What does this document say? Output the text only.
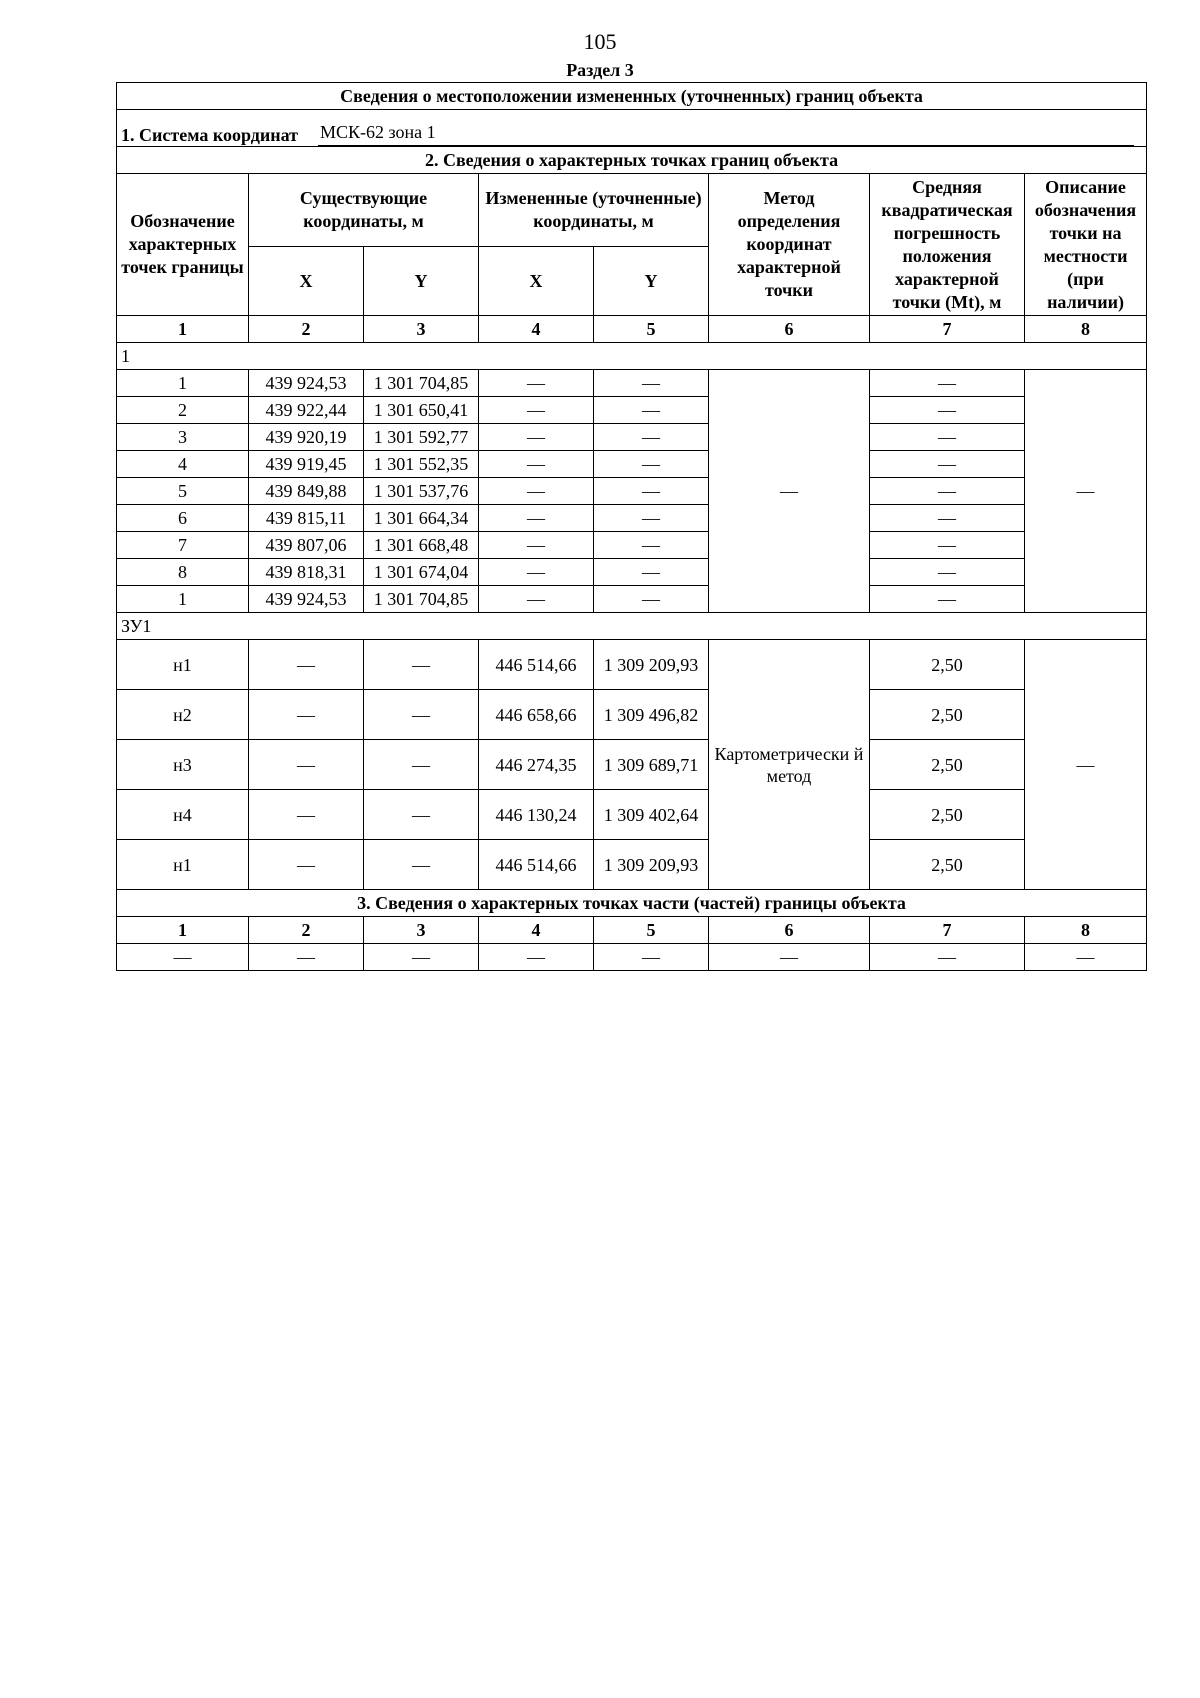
105
Раздел 3
Сведения о местоположении измененных (уточненных) границ объекта							

1. Система координат МСК-62 зона 1							

2. Сведения о характерных точках границ объекта							
Обозначение характерных точек границы	Существующие координаты, м		Измененные (уточненные) координаты, м		Метод определения координат характерной точки	Средняя квадратическая погрешность положения характерной точки (Mt), м	Описание обозначения точки на местности (при наличии)
	X	Y	X	Y			
1	2	3	4	5	6	7	8
1							
1	439 924,53	1 301 704,85	—	—	—	—	—
2	439 922,44	1 301 650,41	—	—		—	
3	439 920,19	1 301 592,77	—	—		—	
4	439 919,45	1 301 552,35	—	—		—	
5	439 849,88	1 301 537,76	—	—		—	
6	439 815,11	1 301 664,34	—	—		—	
7	439 807,06	1 301 668,48	—	—		—	
8	439 818,31	1 301 674,04	—	—		—	
1	439 924,53	1 301 704,85	—	—		—	
ЗУ1							
н1	—	—	446 514,66	1 309 209,93	Картометрически й метод	2,50	—
н2	—	—	446 658,66	1 309 496,82		2,50	
н3	—	—	446 274,35	1 309 689,71		2,50	
н4	—	—	446 130,24	1 309 402,64		2,50	
н1	—	—	446 514,66	1 309 209,93		2,50	
3. Сведения о характерных точках части (частей) границы объекта							
1	2	3	4	5	6	7	8
—	—	—	—	—	—	—	—
